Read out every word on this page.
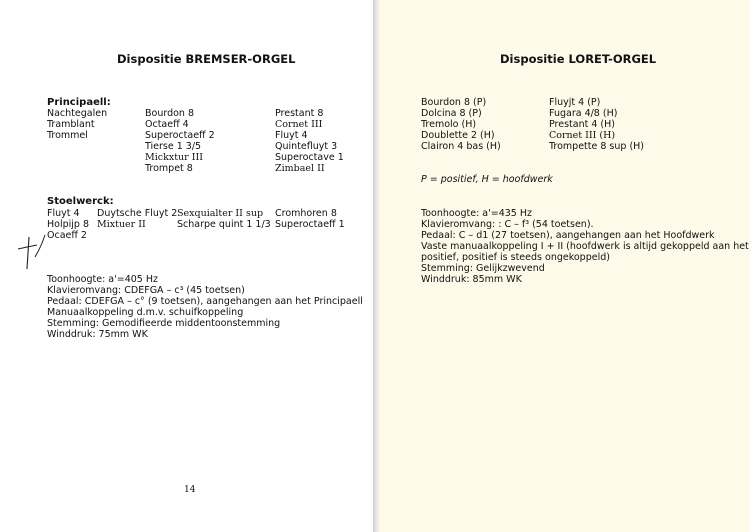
Dispositie BREMSER-ORGEL
Principaell:
Nachtegalen
Tramblant
Trommel
Bourdon 8
Octaeff 4
Superoctaeff 2
Tierse 1 3/5
Mickxtur III
Trompet 8
Prestant 8
Cornet III
Fluyt 4
Quintefluyt 3
Superoctave 1
Zimbael II
Stoelwerck:
Fluyt 4
Holpijp 8
Ocaeff 2
Duytsche Fluyt 2
Mixtuer II
Sexquialter II sup
Scharpe quint 1 1/3
Cromhoren 8
Superoctaeff 1
Toonhoogte: a'=405 Hz
Klavieromvang: CDEFGA – c³ (45 toetsen)
Pedaal: CDEFGA – c° (9 toetsen), aangehangen aan het Principaell
Manuaalkoppeling d.m.v. schuifkoppeling
Stemming: Gemodifieerde middentoonstemming
Winddruk: 75mm WK
14
Dispositie LORET-ORGEL
Bourdon 8 (P)
Dolcina 8 (P)
Tremolo (H)
Doublette 2 (H)
Clairon 4 bas (H)
Fluyjt 4 (P)
Fugara 4/8 (H)
Prestant 4 (H)
Cornet III (H)
Trompette 8 sup (H)
P = positief, H = hoofdwerk
Toonhoogte: a'=435 Hz
Klavieromvang: : C – f³ (54 toetsen).
Pedaal: C – d1 (27 toetsen), aangehangen aan het Hoofdwerk
Vaste manuaalkoppeling I + II (hoofdwerk is altijd gekoppeld aan het
positief, positief is steeds ongekoppeld)
Stemming: Gelijkzwevend
Winddruk: 85mm WK
